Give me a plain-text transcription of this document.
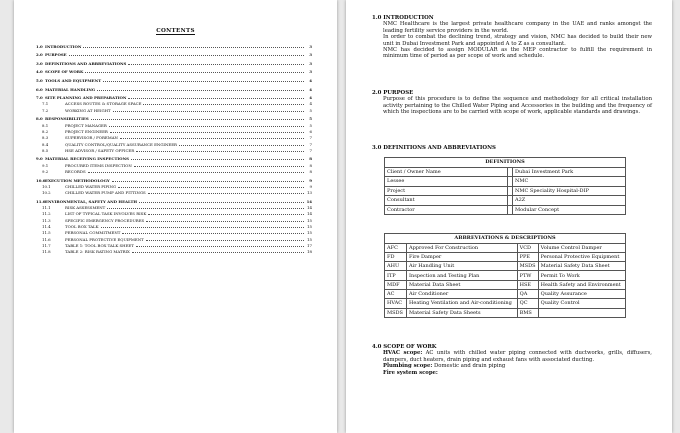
CONTENTS
1.0 INTRODUCTION	3
2.0 PURPOSE	3
3.0 DEFINITIONS AND ABBREVIATIONS	3
4.0 SCOPE OF WORK	3
5.0 TOOLS AND EQUIPMENT	4
6.0 MATERIAL HANDLING	4
7.0 SITE PLANNING AND PREPARATION	4
7.1	ACCESS ROUTES & STORAGE SPACE	4
7.2	WORKING AT HEIGHT	5
8.0 RESPONSIBILITIES	5
8.1	PROJECT MANAGER	5
8.2	PROJECT ENGINEER	6
8.3	SUPERVISOR / FOREMAN	7
8.4	QUALITY CONTROL/QUALITY ASSURANCE ENGINEER	7
8.5	HSE ADVISOR / SAFETY OFFICER	7
9.0 MATERIAL RECEIVING INSPECTIONS	8
9.1	PROCURED ITEMS INSPECTION	8
9.2	RECORDS	8
10.0 EXECUTION METHODOLOGY	9
10.1	CHILLED WATER PIPING	9
10.2	CHILLED WATER PUMP AND FITTINGS	13
11.0 ENVIRONMENTAL, SAFETY AND HEALTH	14
11.1	RISK ASSESSMENT	14
11.2	LIST OF TYPICAL TASK INVOLVES RISK	14
11.3	SPECIFIC EMERGENCY PROCEDURES	15
11.4	TOOL BOX TALK	15
11.5	PERSONAL COMMITMENT	15
11.6	PERSONAL PROTECTIVE EQUIPMENT	15
11.7	TABLE 1: TOOL BOX TALK SHEET	17
11.8	TABLE 2: RISK RATING MATRIX	18
1.0 INTRODUCTION

NMC Healthcare is the largest private healthcare company in the UAE and ranks amongst the leading fertility service providers in the world.

In order to combat the declining trend, strategy and vision, NMC has decided to build their new unit in Dubai Investment Park and appointed A to Z as a consultant.

NMC has decided to assign MODULAR as the MEP contractor to fulfill the requirement in minimum time of period as per scope of work and schedule.

2.0 PURPOSE

Purpose of this procedure is to define the sequence and methodology for all critical installation activity pertaining to the Chilled Water Piping and Accessories in the building and the frequency of which the inspections are to be carried with scope of work, applicable standards and drawings.

3.0 DEFINITIONS AND ABBREVIATIONS
DEFINITIONS		
Client / Owner Name		Dubai Investment Park
Lessee		NMC
Project		NMC Speciality Hospital-DIP
Consultant		A2Z
Contractor		Modular Concept
ABBREVIATIONS & DESCRIPTIONS			
AFC	Approved For Construction	VCD	Volume Control Damper
FD	Fire Damper	PPE	Personal Protective Equipment
AHU	Air Handling Unit	MSDS	Material Safety Data Sheet
ITP	Inspection and Testing Plan	PTW	Permit To Work
MDF	Material Data Sheet	HSE	Health Safety and Environment
AC	Air Conditioner	QA	Quality Assurance
HVAC	Heating Ventilation and Air-conditioning	QC	Quality Control
MSDS	Material Safety Data Sheets	BMS	
4.0 SCOPE OF WORK

HVAC scope: AC units with chilled water piping connected with ductworks, grills, diffusers, dampers, duct heaters, drain piping and exhaust fans with associated ducting.

Plumbing scope: Domestic and drain piping

Fire system scope:
